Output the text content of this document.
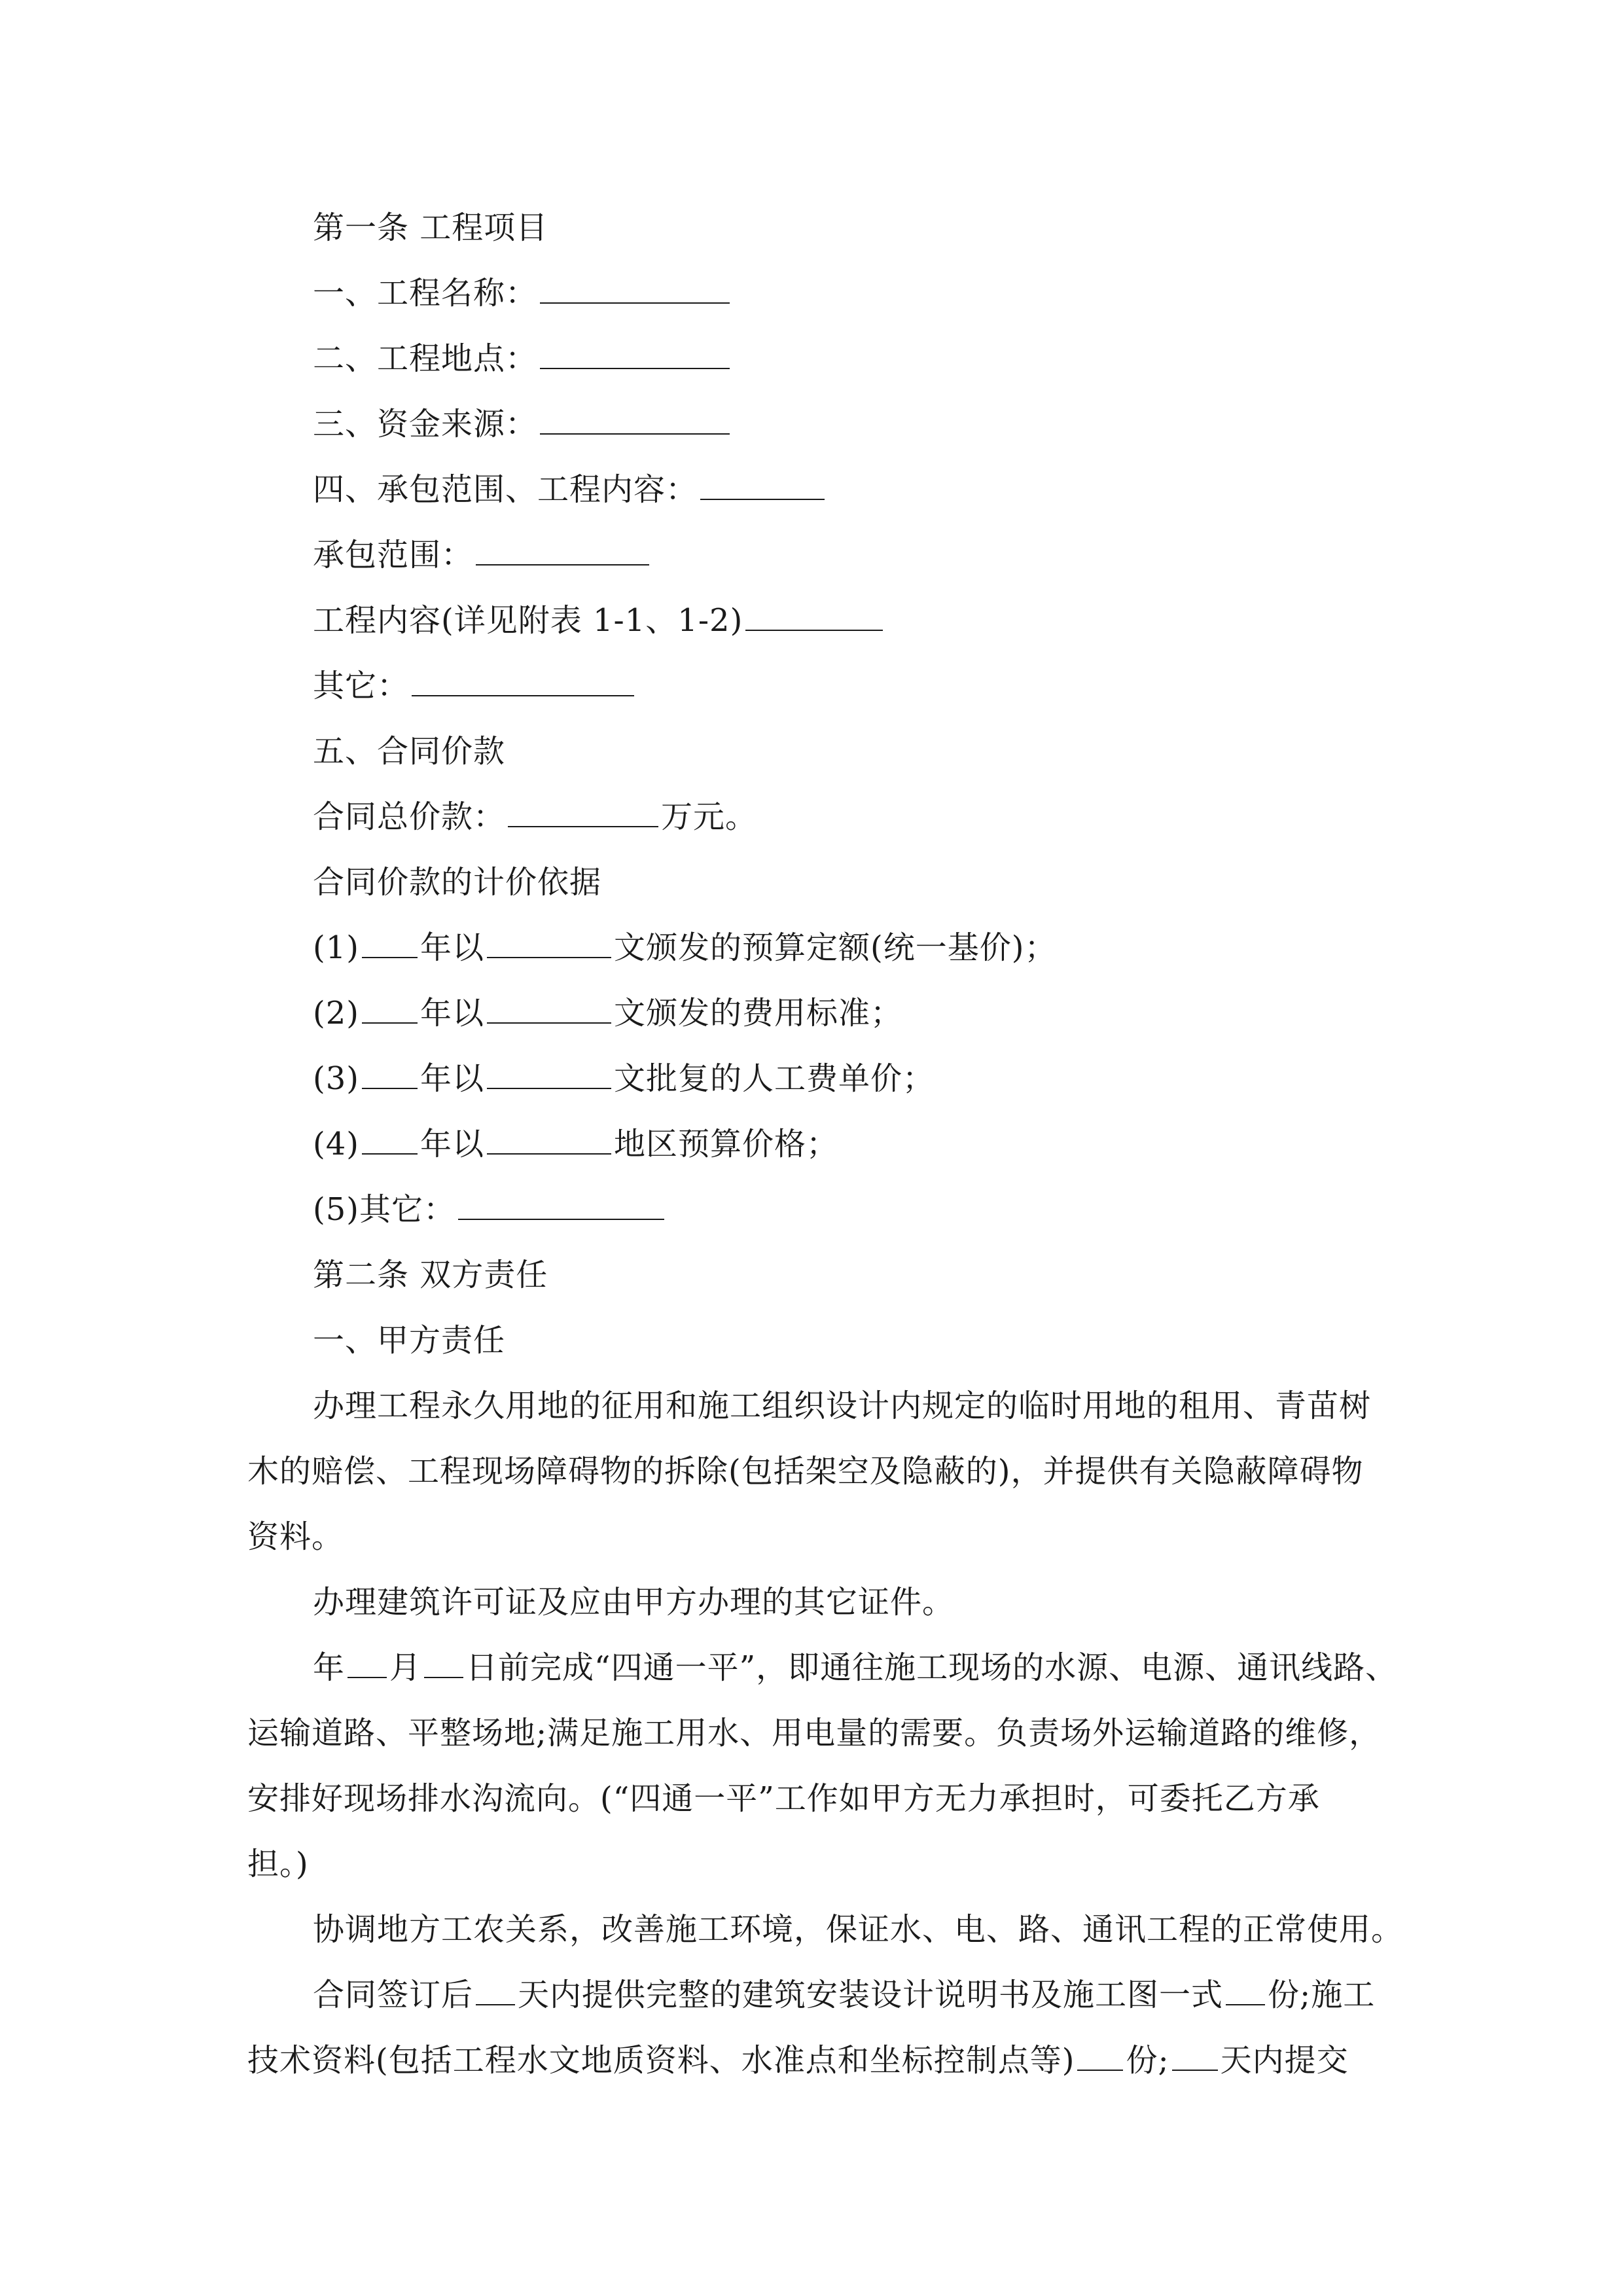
第一条 工程项目
一、工程名称：
二、工程地点：
三、资金来源：
四、承包范围、工程内容：
承包范围：
工程内容(详见附表 1-1、1-2)
其它：
五、合同价款
合同总价款：	万元。
合同价款的计价依据
(1) 年以	文颁发的预算定额(统一基价)；
(2) 年以	文颁发的费用标准；
(3) 年以	文批复的人工费单价；
(4) 年以	地区预算价格；
(5)其它：
第二条 双方责任
一、甲方责任
办理工程永久用地的征用和施工组织设计内规定的临时用地的租用、青苗树
木的赔偿、工程现场障碍物的拆除(包括架空及隐蔽的)，并提供有关隐蔽障碍物
资料。
办理建筑许可证及应由甲方办理的其它证件。
年 月 日前完成“四通一平”，即通往施工现场的水源、电源、通讯线路、
运输道路、平整场地;满足施工用水、用电量的需要。负责场外运输道路的维修，
安排好现场排水沟流向。(“四通一平”工作如甲方无力承担时，可委托乙方承
担。)
协调地方工农关系，改善施工环境，保证水、电、路、通讯工程的正常使用。
合同签订后 天内提供完整的建筑安装设计说明书及施工图一式 份;施工
技术资料(包括工程水文地质资料、水准点和坐标控制点等) 份; 天内提交
